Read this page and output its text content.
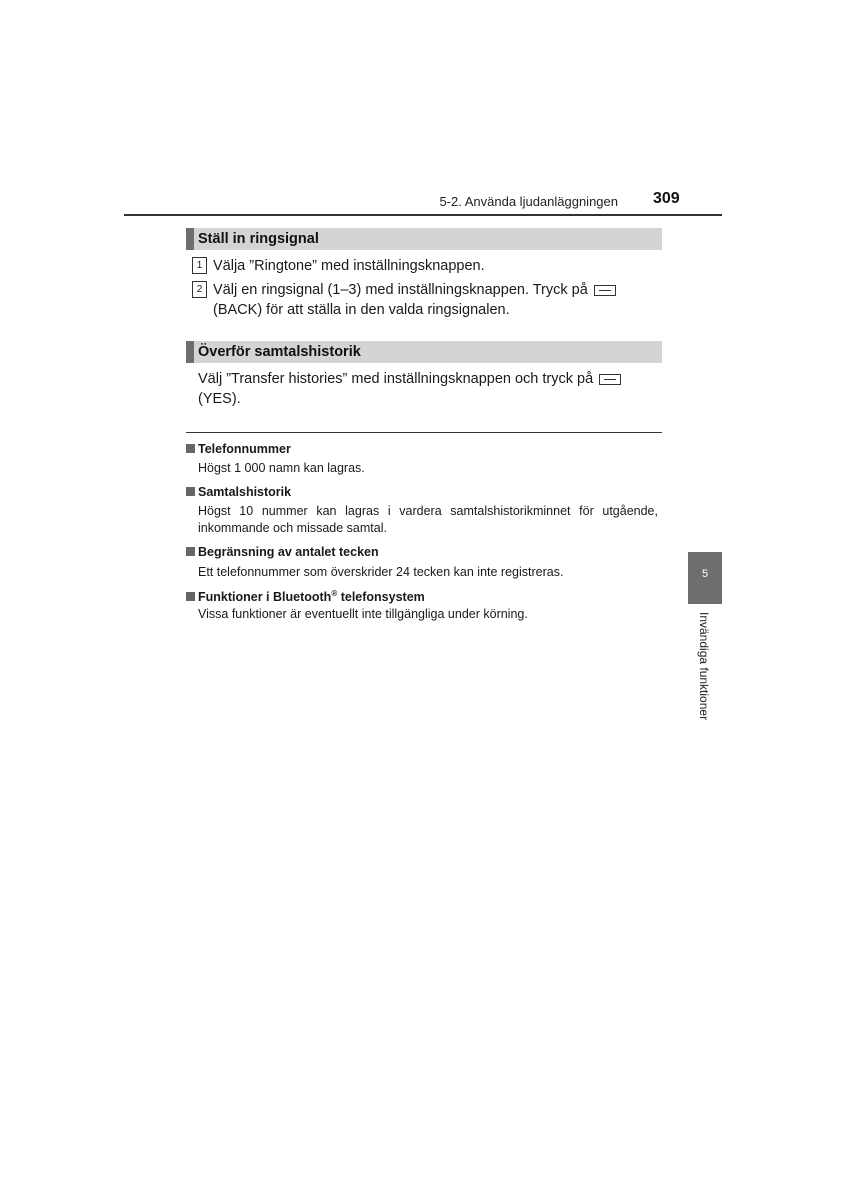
5-2. Använda ljudanläggningen 309
Ställ in ringsignal
1 Välja ”Ringtone” med inställningsknappen.
2 Välj en ringsignal (1–3) med inställningsknappen. Tryck på
(BACK) för att ställa in den valda ringsignalen.
Överför samtalshistorik
Välj ”Transfer histories” med inställningsknappen och tryck på
(YES).
Telefonnummer
Högst 1 000 namn kan lagras.
Samtalshistorik
Högst 10 nummer kan lagras i vardera samtalshistorikminnet för utgående, inkommande och missade samtal.
Begränsning av antalet tecken
Ett telefonnummer som överskrider 24 tecken kan inte registreras.
Funktioner i Bluetooth® telefonsystem
Vissa funktioner är eventuellt inte tillgängliga under körning.
5
Invändiga funktioner
